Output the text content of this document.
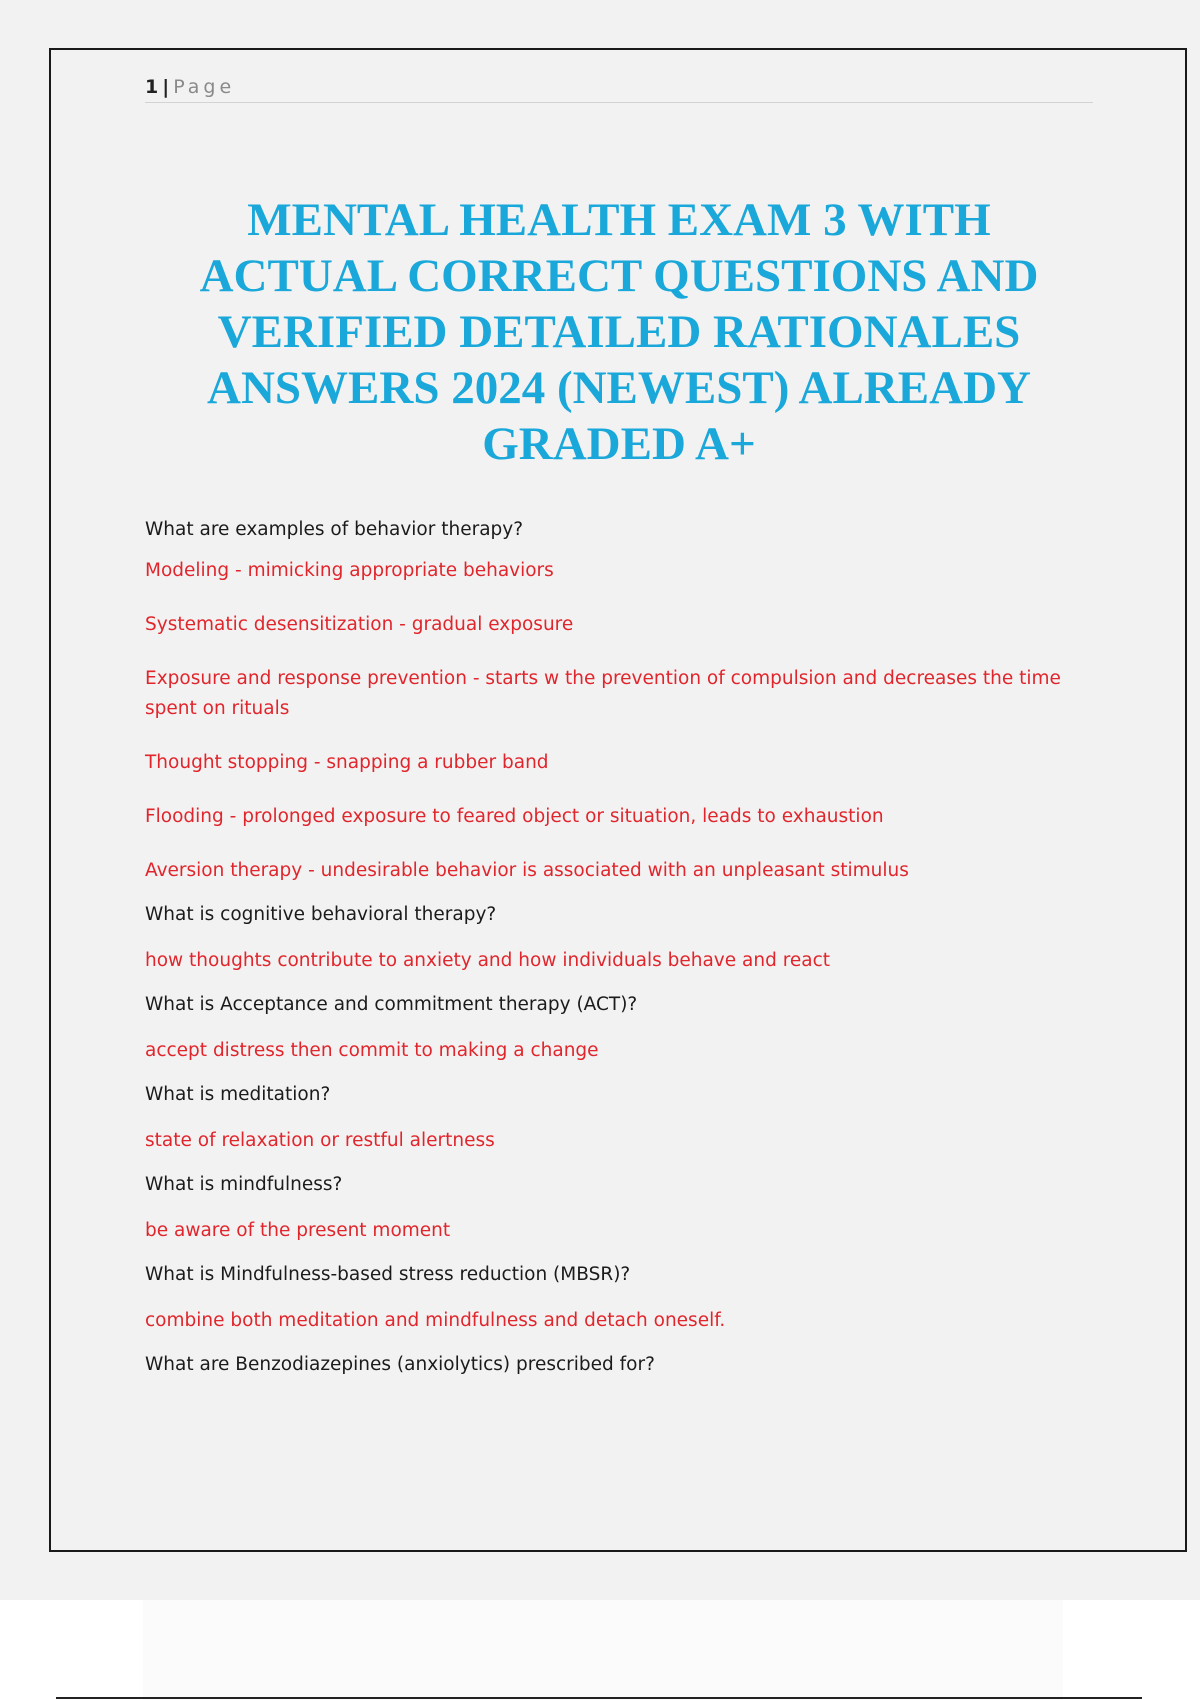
1 | Page
MENTAL HEALTH EXAM 3 WITH ACTUAL CORRECT QUESTIONS AND VERIFIED DETAILED RATIONALES ANSWERS 2024 (NEWEST) ALREADY GRADED A+

What are examples of behavior therapy?

Modeling - mimicking appropriate behaviors

Systematic desensitization - gradual exposure

Exposure and response prevention - starts w the prevention of compulsion and decreases the time spent on rituals

Thought stopping - snapping a rubber band

Flooding - prolonged exposure to feared object or situation, leads to exhaustion

Aversion therapy - undesirable behavior is associated with an unpleasant stimulus

What is cognitive behavioral therapy?

how thoughts contribute to anxiety and how individuals behave and react

What is Acceptance and commitment therapy (ACT)?

accept distress then commit to making a change

What is meditation?

state of relaxation or restful alertness

What is mindfulness?

be aware of the present moment

What is Mindfulness-based stress reduction (MBSR)?

combine both meditation and mindfulness and detach oneself.

What are Benzodiazepines (anxiolytics) prescribed for?
